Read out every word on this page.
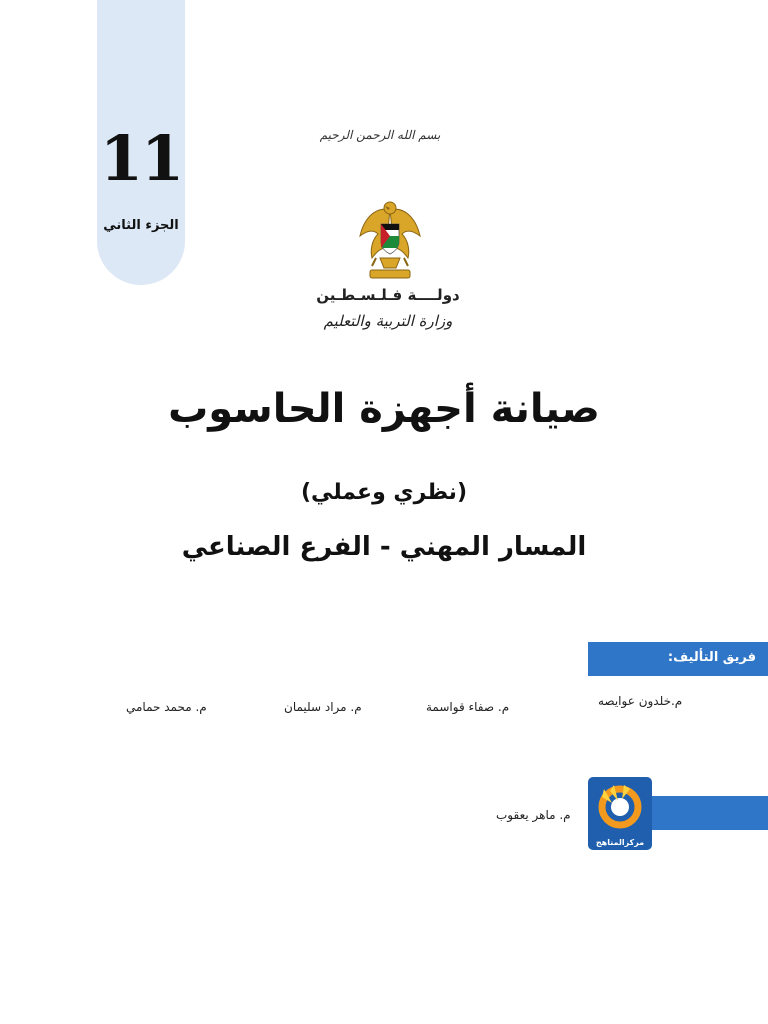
11
الجزء الثاني
بسم الله الرحمن الرحيم
دولــــة فـلـسـطـين
وزارة التربية والتعليم
صيانة أجهزة الحاسوب
(نظري وعملي)
المسار المهني - الفرع الصناعي
فريق التأليف:
م.خلدون عوايصه
م. صفاء قواسمة
م. مراد سليمان
م. محمد حمامي
م. ماهر يعقوب
مركزالمناهج
